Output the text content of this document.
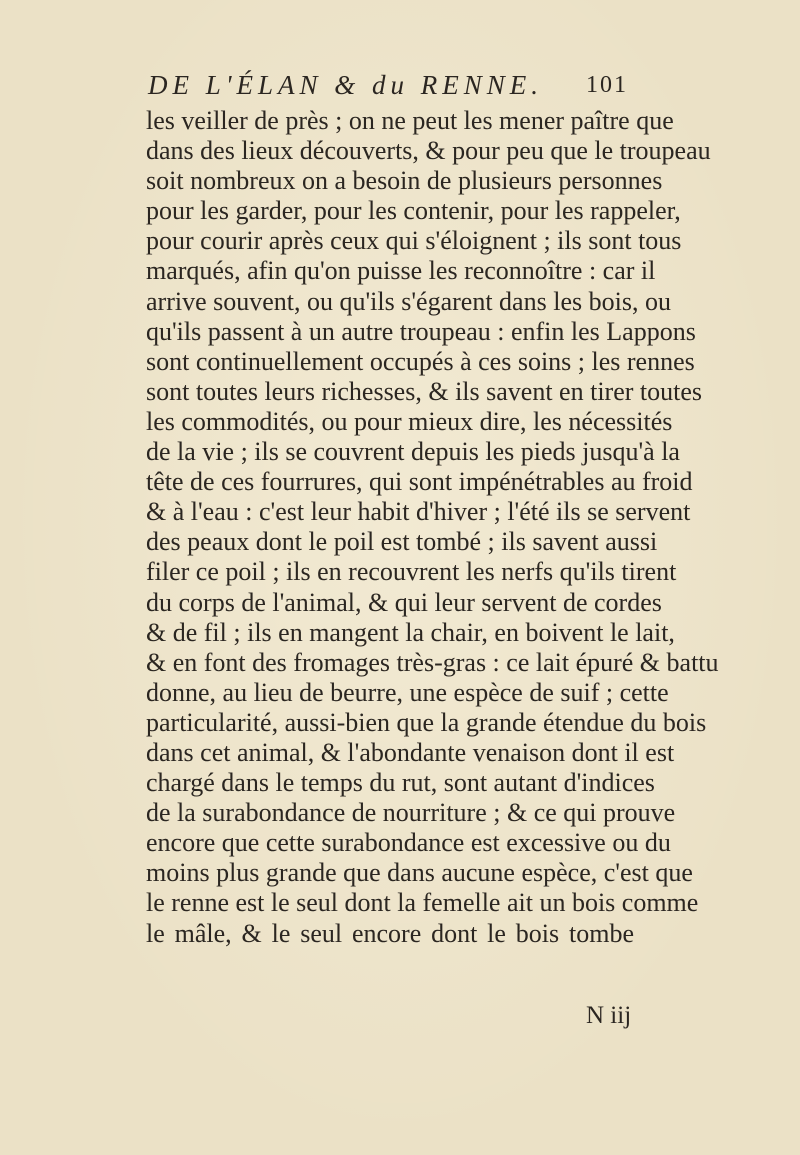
DE L'ÉLAN & du RENNE. 101
les veiller de près ; on ne peut les mener paître que
dans des lieux découverts, & pour peu que le troupeau
soit nombreux on a besoin de plusieurs personnes
pour les garder, pour les contenir, pour les rappeler,
pour courir après ceux qui s'éloignent ; ils sont tous
marqués, afin qu'on puisse les reconnoître : car il
arrive souvent, ou qu'ils s'égarent dans les bois, ou
qu'ils passent à un autre troupeau : enfin les Lappons
sont continuellement occupés à ces soins ; les rennes
sont toutes leurs richesses, & ils savent en tirer toutes
les commodités, ou pour mieux dire, les nécessités
de la vie ; ils se couvrent depuis les pieds jusqu'à la
tête de ces fourrures, qui sont impénétrables au froid
& à l'eau : c'est leur habit d'hiver ; l'été ils se servent
des peaux dont le poil est tombé ; ils savent aussi
filer ce poil ; ils en recouvrent les nerfs qu'ils tirent
du corps de l'animal, & qui leur servent de cordes
& de fil ; ils en mangent la chair, en boivent le lait,
& en font des fromages très-gras : ce lait épuré & battu
donne, au lieu de beurre, une espèce de suif ; cette
particularité, aussi-bien que la grande étendue du bois
dans cet animal, & l'abondante venaison dont il est
chargé dans le temps du rut, sont autant d'indices
de la surabondance de nourriture ; & ce qui prouve
encore que cette surabondance est excessive ou du
moins plus grande que dans aucune espèce, c'est que
le renne est le seul dont la femelle ait un bois comme
le mâle, & le seul encore dont le bois tombe
N iij
